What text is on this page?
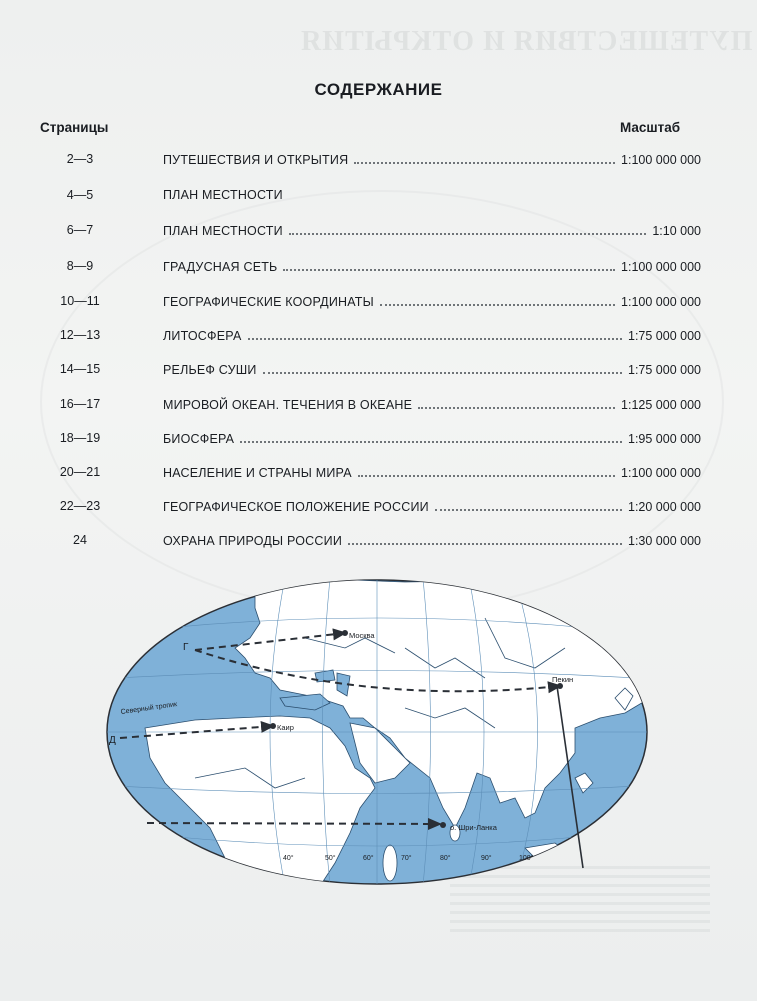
ПУТЕШЕСТВИЯ И ОТКРЫТИЯ
СОДЕРЖАНИЕ
Страницы	Масштаб
2—3	ПУТЕШЕСТВИЯ И ОТКРЫТИЯ	1:100 000 000
4—5	ПЛАН МЕСТНОСТИ
6—7	ПЛАН МЕСТНОСТИ	1:10 000
8—9	ГРАДУСНАЯ СЕТЬ	1:100 000 000
10—11	ГЕОГРАФИЧЕСКИЕ КООРДИНАТЫ	1:100 000 000
12—13	ЛИТОСФЕРА	1:75 000 000
14—15	РЕЛЬЕФ СУШИ	1:75 000 000
16—17	МИРОВОЙ ОКЕАН. ТЕЧЕНИЯ В ОКЕАНЕ	1:125 000 000
18—19	БИОСФЕРА	1:95 000 000
20—21	НАСЕЛЕНИЕ И СТРАНЫ МИРА	1:100 000 000
22—23	ГЕОГРАФИЧЕСКОЕ ПОЛОЖЕНИЕ РОССИИ	1:20 000 000
24	ОХРАНА ПРИРОДЫ РОССИИ	1:30 000 000
Москва
Пекин
Каир
Северный тропик
о. Шри-Ланка
Г
Д
40°	50°	60°	70°	80°	90°	100°
